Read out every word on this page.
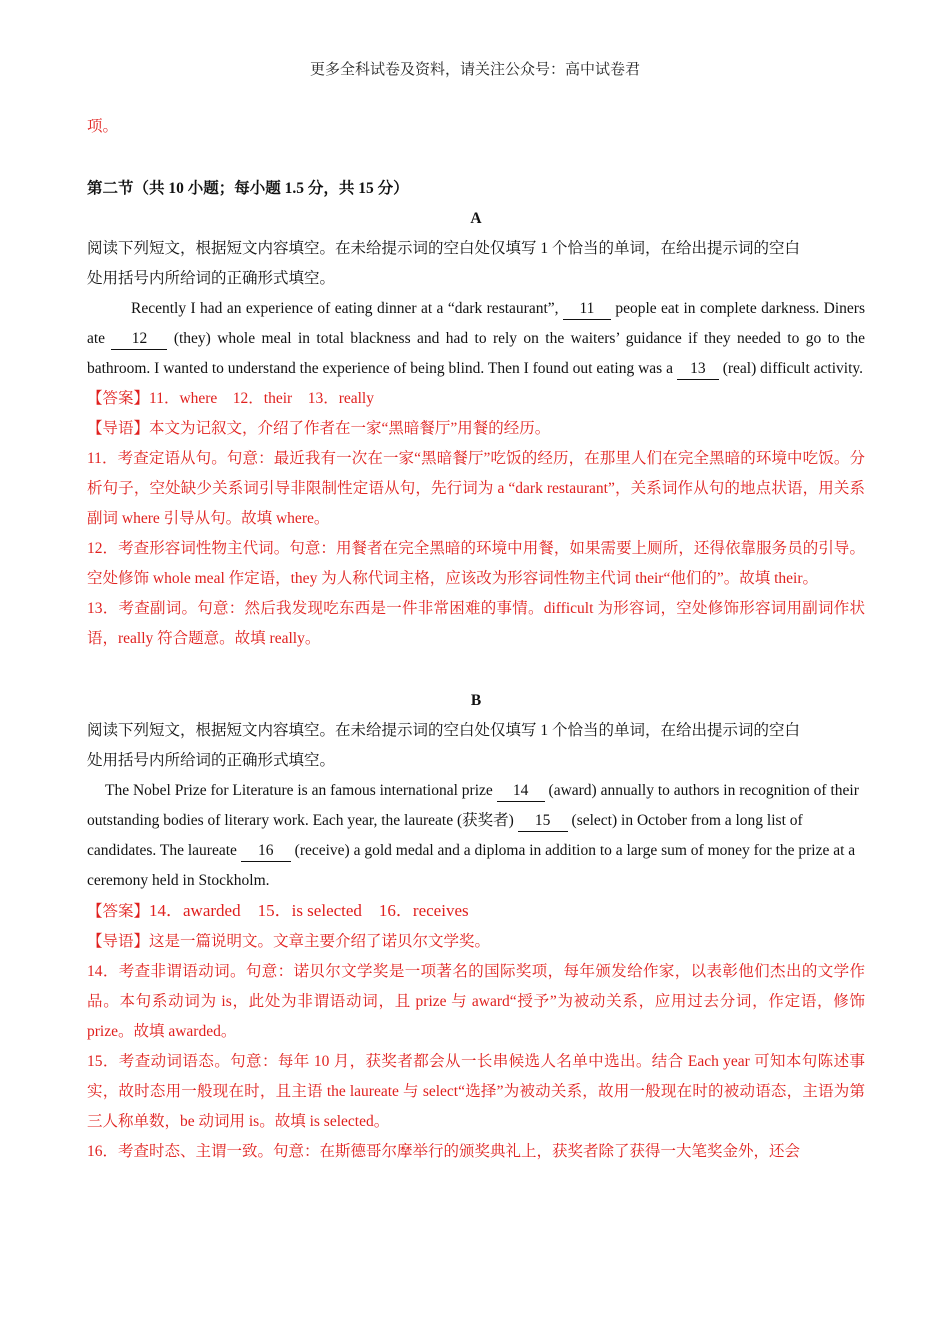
更多全科试卷及资料，请关注公众号：高中试卷君

项。

第二节（共 10 小题；每小题 1.5 分，共 15 分）

A

阅读下列短文，根据短文内容填空。在未给提示词的空白处仅填写 1 个恰当的单词，在给出提示词的空白

处用括号内所给词的正确形式填空。

Recently I had an experience of eating dinner at a “dark restaurant”, 11 people eat in complete darkness. Diners ate 12 (they) whole meal in total blackness and had to rely on the waiters’ guidance if they needed to go to the bathroom. I wanted to understand the experience of being blind. Then I found out eating was a 13 (real) difficult activity.

【答案】11．where　12．their　13．really

【导语】本文为记叙文，介绍了作者在一家“黑暗餐厅”用餐的经历。

11．考查定语从句。句意：最近我有一次在一家“黑暗餐厅”吃饭的经历，在那里人们在完全黑暗的环境中吃饭。分析句子，空处缺少关系词引导非限制性定语从句，先行词为 a “dark restaurant”，关系词作从句的地点状语，用关系副词 where 引导从句。故填 where。

12．考查形容词性物主代词。句意：用餐者在完全黑暗的环境中用餐，如果需要上厕所，还得依靠服务员的引导。空处修饰 whole meal 作定语，they 为人称代词主格，应该改为形容词性物主代词 their“他们的”。故填 their。

13．考查副词。句意：然后我发现吃东西是一件非常困难的事情。difficult 为形容词，空处修饰形容词用副词作状语，really 符合题意。故填 really。

B

阅读下列短文，根据短文内容填空。在未给提示词的空白处仅填写 1 个恰当的单词，在给出提示词的空白

处用括号内所给词的正确形式填空。

The Nobel Prize for Literature is an famous international prize 14 (award) annually to authors in recognition of their outstanding bodies of literary work. Each year, the laureate (获奖者) 15 (select) in October from a long list of candidates. The laureate 16 (receive) a gold medal and a diploma in addition to a large sum of money for the prize at a ceremony held in Stockholm.

【答案】14．awarded　15．is selected　16．receives

【导语】这是一篇说明文。文章主要介绍了诺贝尔文学奖。

14．考查非谓语动词。句意：诺贝尔文学奖是一项著名的国际奖项，每年颁发给作家，以表彰他们杰出的文学作品。本句系动词为 is，此处为非谓语动词，且 prize 与 award“授予”为被动关系，应用过去分词，作定语，修饰 prize。故填 awarded。

15．考查动词语态。句意：每年 10 月，获奖者都会从一长串候选人名单中选出。结合 Each year 可知本句陈述事实，故时态用一般现在时，且主语 the laureate 与 select“选择”为被动关系，故用一般现在时的被动语态，主语为第三人称单数，be 动词用 is。故填 is selected。

16．考查时态、主谓一致。句意：在斯德哥尔摩举行的颁奖典礼上，获奖者除了获得一大笔奖金外，还会
